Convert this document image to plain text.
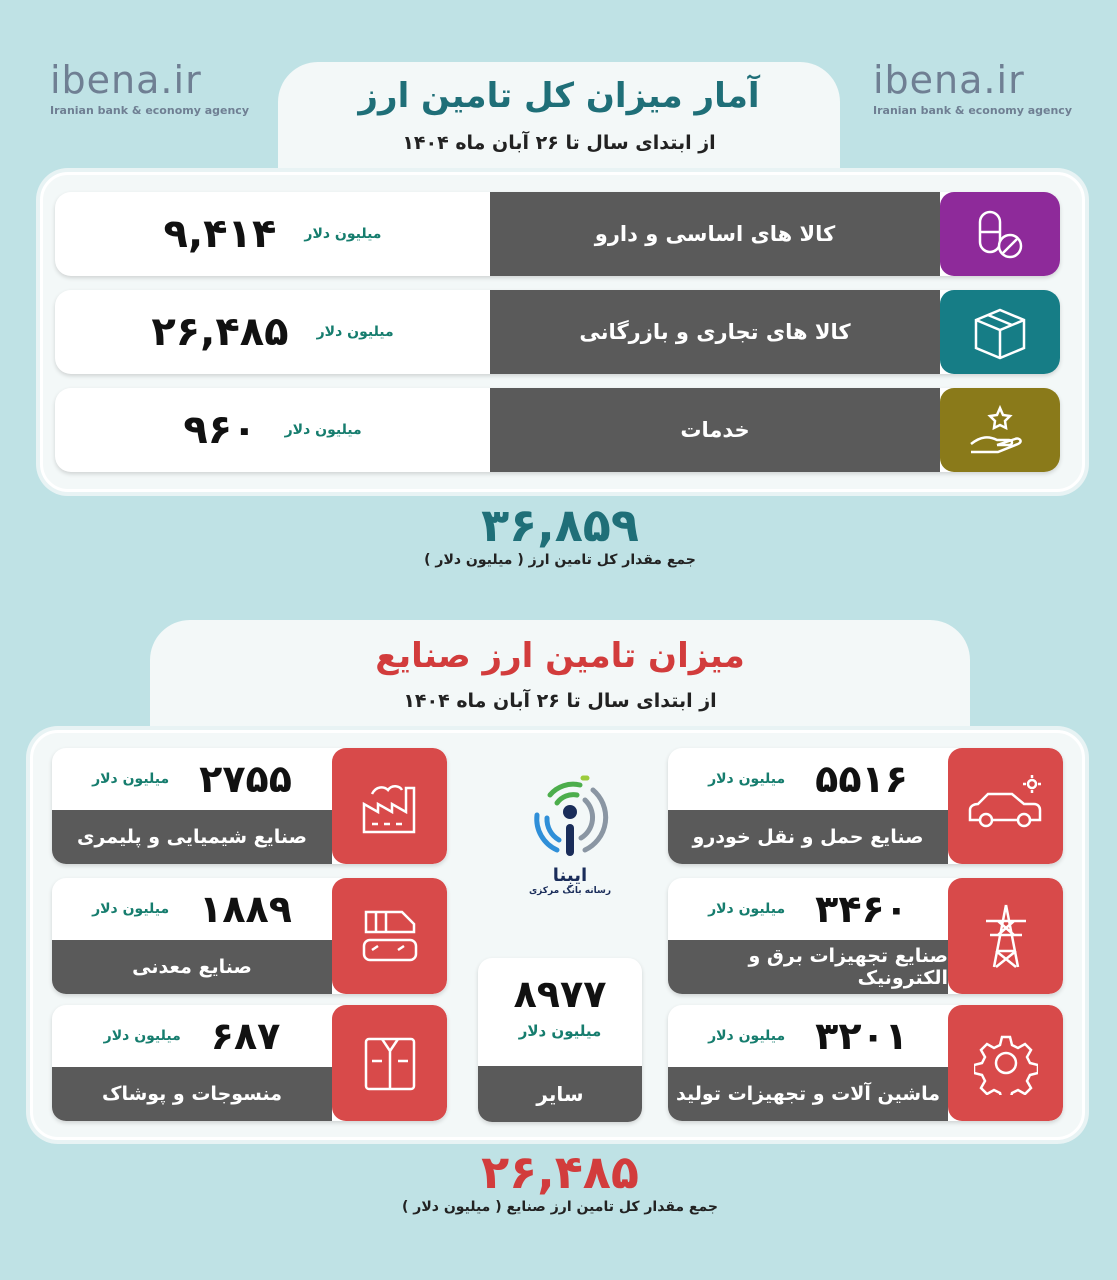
ibena.ir
Iranian bank & economy agency
ibena.ir
Iranian bank & economy agency
آمار میزان کل تامین ارز
از ابتدای سال تا ۲۶ آبان ماه ۱۴۰۴
میلیون دلار
۹,۴۱۴	کالا های اساسی و دارو
میلیون دلار
۲۶,۴۸۵	کالا های تجاری و بازرگانی
میلیون دلار
۹۶۰	خدمات
۳۶,۸۵۹
جمع مقدار کل تامین ارز ( میلیون دلار )
میزان تامین ارز صنایع
از ابتدای سال تا ۲۶ آبان ماه ۱۴۰۴
۲۷۵۵
میلیون دلار
صنایع شیمیایی و پلیمری
۱۸۸۹
میلیون دلار
صنایع معدنی
۶۸۷
میلیون دلار
منسوجات و پوشاک
۵۵۱۶
میلیون دلار
صنایع حمل و نقل خودرو
۳۴۶۰
میلیون دلار
صنایع تجهیزات برق و الکترونیک
۳۲۰۱
میلیون دلار
ماشین آلات و تجهیزات تولید
ایبِنا
رسانه بانک مرکزی
۸۹۷۷
میلیون دلار
سایر
۲۶,۴۸۵
جمع مقدار کل تامین ارز صنایع ( میلیون دلار )
